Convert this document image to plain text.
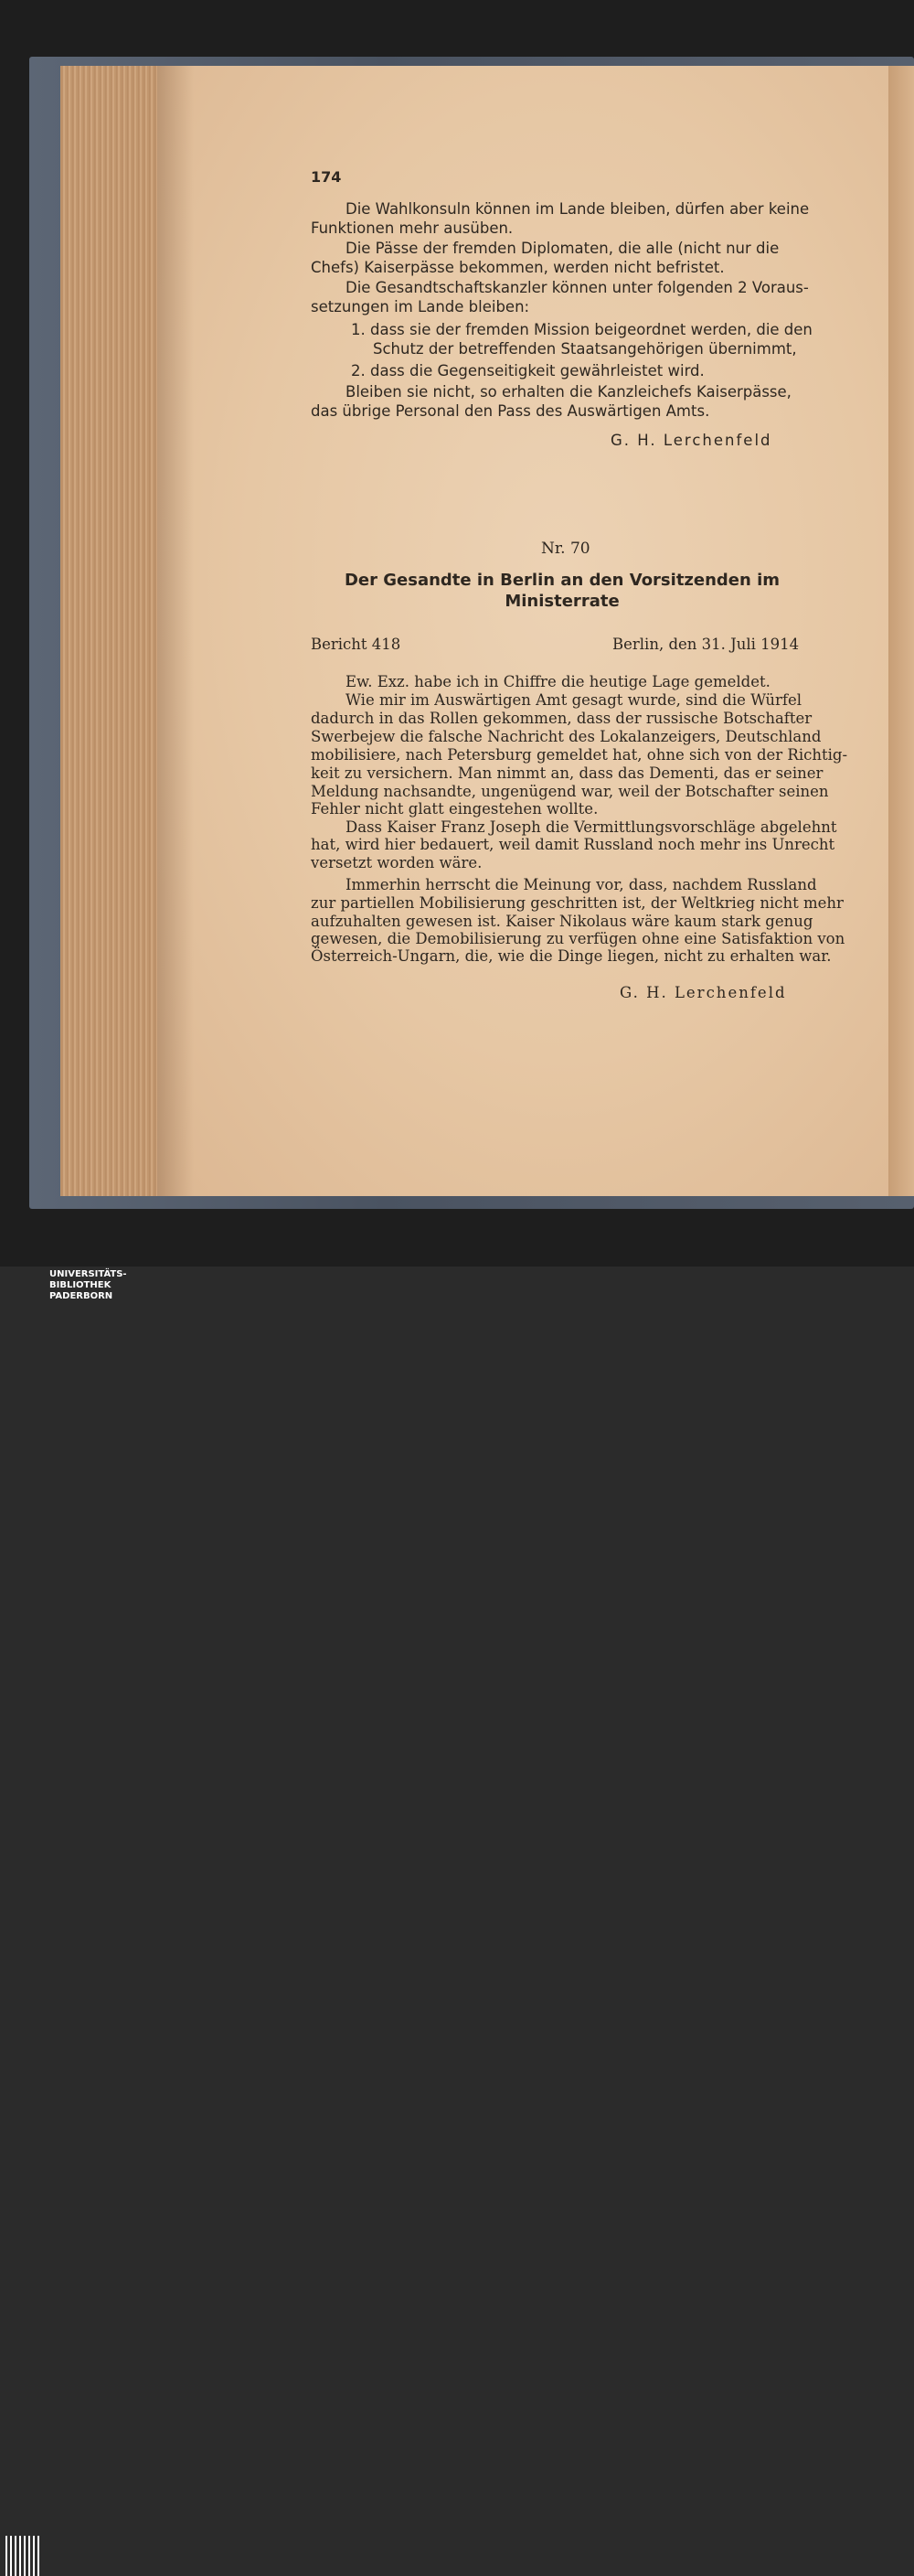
174
Die Wahlkonsuln können im Lande bleiben, dürfen aber keine
Funktionen mehr ausüben.
Die Pässe der fremden Diplomaten, die alle (nicht nur die
Chefs) Kaiserpässe bekommen, werden nicht befristet.
Die Gesandtschaftskanzler können unter folgenden 2 Voraus-
setzungen im Lande bleiben:
1. dass sie der fremden Mission beigeordnet werden, die den
Schutz der betreffenden Staatsangehörigen übernimmt,
2. dass die Gegenseitigkeit gewährleistet wird.
Bleiben sie nicht, so erhalten die Kanzleichefs Kaiserpässe,
das übrige Personal den Pass des Auswärtigen Amts.
G. H. Lerchenfeld
Nr. 70
Der Gesandte in Berlin an den Vorsitzenden im
Ministerrate
Bericht 418	Berlin, den 31. Juli 1914
Ew. Exz. habe ich in Chiffre die heutige Lage gemeldet.
Wie mir im Auswärtigen Amt gesagt wurde, sind die Würfel
dadurch in das Rollen gekommen, dass der russische Botschafter
Swerbejew die falsche Nachricht des Lokalanzeigers, Deutschland
mobilisiere, nach Petersburg gemeldet hat, ohne sich von der Richtig-
keit zu versichern. Man nimmt an, dass das Dementi, das er seiner
Meldung nachsandte, ungenügend war, weil der Botschafter seinen
Fehler nicht glatt eingestehen wollte.
Dass Kaiser Franz Joseph die Vermittlungsvorschläge abgelehnt
hat, wird hier bedauert, weil damit Russland noch mehr ins Unrecht
versetzt worden wäre.
Immerhin herrscht die Meinung vor, dass, nachdem Russland
zur partiellen Mobilisierung geschritten ist, der Weltkrieg nicht mehr
aufzuhalten gewesen ist. Kaiser Nikolaus wäre kaum stark genug
gewesen, die Demobilisierung zu verfügen ohne eine Satisfaktion von
Österreich-Ungarn, die, wie die Dinge liegen, nicht zu erhalten war.
G. H. Lerchenfeld
UNIVERSITÄTS-
BIBLIOTHEK
PADERBORN
